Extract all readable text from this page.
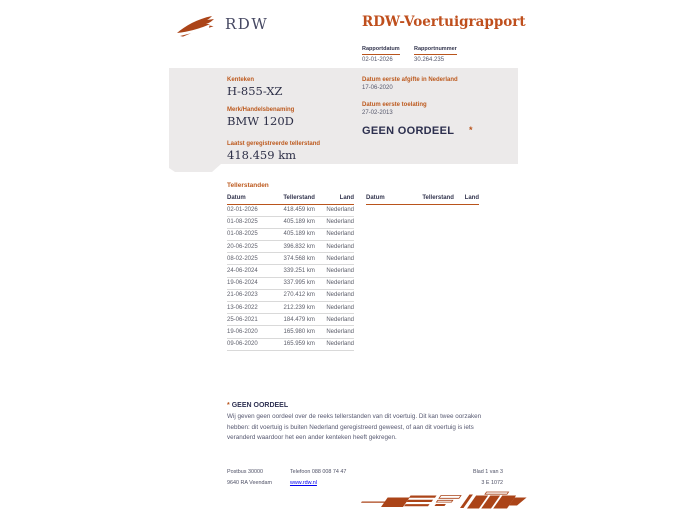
RDW	RDW-Voertuigrapport
Rapportdatum
02-01-2026
Rapportnummer
30.264.235
Kenteken
H-855-XZ
Merk/Handelsbenaming
BMW 120D
Laatst geregistreerde tellerstand
418.459 km
Datum eerste afgifte in Nederland
17-06-2020
Datum eerste toelating
27-02-2013
GEEN OORDEEL *
Tellerstanden
Datum	Tellerstand	Land
02-01-2026	418.459 km	Nederland
01-08-2025	405.189 km	Nederland
01-08-2025	405.189 km	Nederland
20-06-2025	396.832 km	Nederland
08-02-2025	374.568 km	Nederland
24-06-2024	339.251 km	Nederland
19-06-2024	337.995 km	Nederland
21-06-2023	270.412 km	Nederland
13-06-2022	212.239 km	Nederland
25-06-2021	184.479 km	Nederland
19-06-2020	165.980 km	Nederland
09-06-2020	165.959 km	Nederland
Datum	Tellerstand	Land
* GEEN OORDEEL
Wij geven geen oordeel over de reeks tellerstanden van dit voertuig. Dit kan twee oorzaken hebben: dit voertuig is buiten Nederland geregistreerd geweest, of aan dit voertuig is iets veranderd waardoor het een ander kenteken heeft gekregen.
Postbus 30000
9640 RA Veendam
Telefoon 088 008 74 47
www.rdw.nl
Blad 1 van 3
3 E 1072
